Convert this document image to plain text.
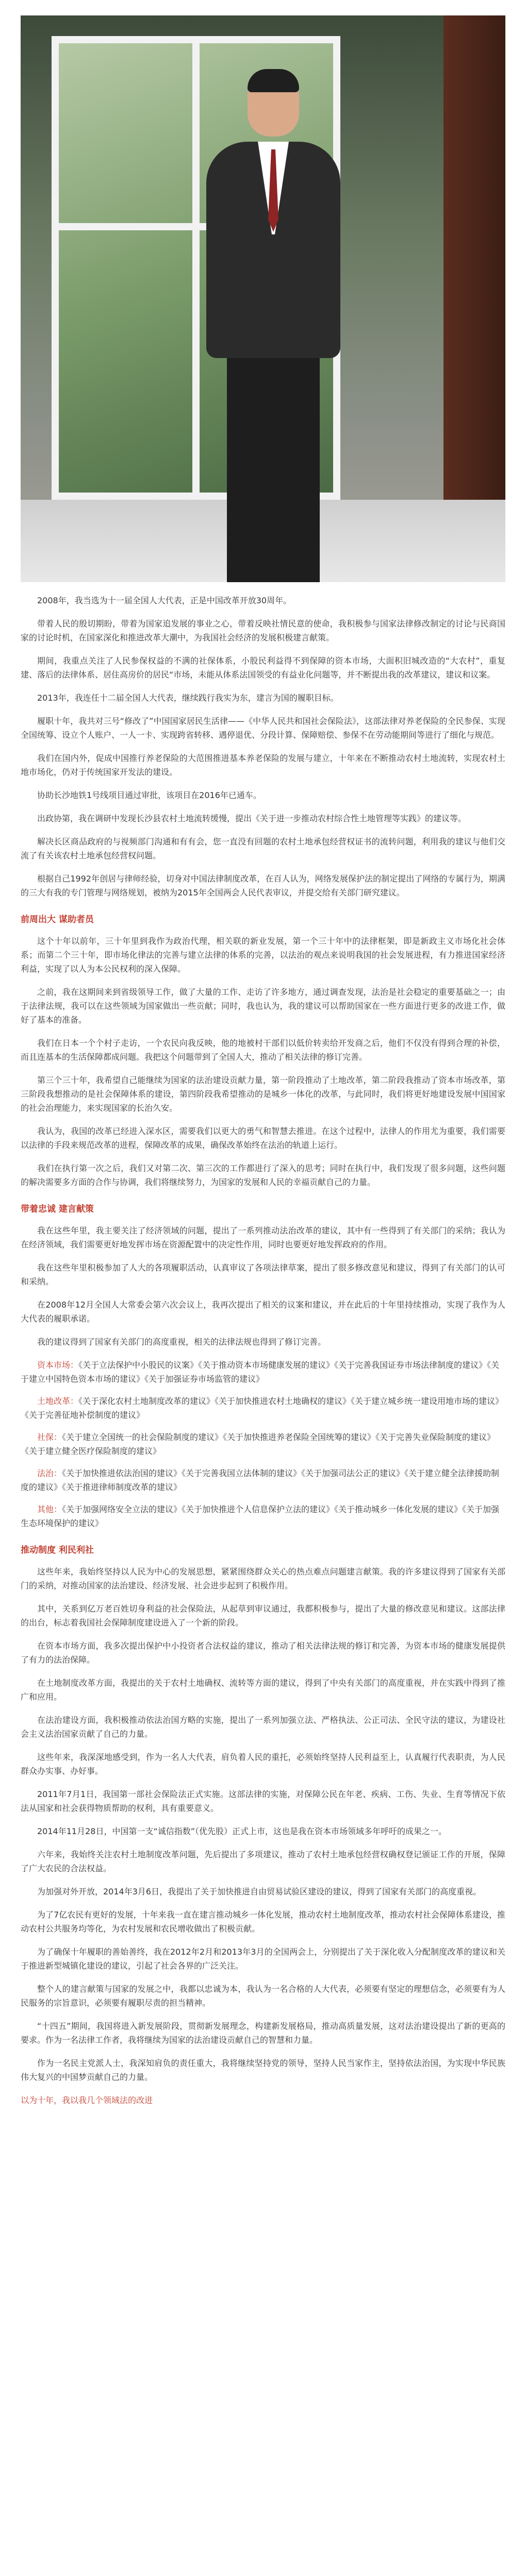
2008年，我当选为十一届全国人大代表，正是中国改革开放30周年。

带着人民的殷切期盼，带着为国家追发展的事业之心，带着反映社情民意的使命，我积极参与国家法律修改制定的讨论与民商国家的讨论时机，在国家深化和推进改革大潮中，为我国社会经济的发展积极建言献策。

期间，我重点关注了人民参保权益的不满的社保体系，小股民利益得不到保障的资本市场，大面积旧城改造的“大农村”，重复建、落后的法律体系、居住高房价的居民“市场，未能从体系法国领受的有益业化问题等，并不断提出我的改革建议，建议和议案。

2013年，我连任十二届全国人大代表，继续践行我实为东，建言为国的履职目标。

履职十年，我共对三号“修改了”中国国家居民生活律——《中华人民共和国社会保险法》，这部法律对养老保险的全民参保、实现全国统筹、设立个人账户、一人一卡、实现跨省转移、遇停退优、分段计算、保障赔偿、参保不在劳动能期间等进行了细化与规范。

我们在国内外，促成中国推行养老保险的大范围推进基本养老保险的发展与建立，十年来在不断推动农村土地流转，实现农村土地市场化，仍对于传统国家开发法的建设。

协助长沙地铁1号线项目通过审批，该项目在2016年已通车。

出政协第，我在调研中发现长沙县农村土地流转缓慢，提出《关于进一步推动农村综合性土地管理等实践》的建议等。

解决长区商品政府的与视频部门沟通和有有会，您一直没有回题的农村土地承包经营权证书的流转问题，利用我的建议与他们交流了有关该农村土地承包经营权问题。

根据自己1992年创居与律师经验，切身对中国法律制度改革，在百人认为，网络发展保护法的制定提出了网络的专属行为，期满的三大有我的专门管理与网络规划，被纳为2015年全国两会人民代表审议，并提交给有关部门研究建议。

前周出大 谋助者员

这个十年以前年，三十年里到我作为政治代理，相关联的新业发展，第一个三十年中的法律框架，即是新政主义市场化社会体系；而第二个三十年，即市场化律法的完善与建立法律的体系的完善，以法治的观点来说明我国的社会发展进程，有力推进国家经济利益，实现了以人为本公民权利的深入保障。

之前，我在这期间来到省级领导工作，做了大量的工作、走访了许多地方，通过调查发现，法治是社会稳定的重要基础之一；由于法律法规，我可以在这些领域为国家做出一些贡献；同时，我也认为，我的建议可以帮助国家在一些方面进行更多的改进工作，做好了基本的准备。

我们在日本一个个村子走访，一个农民向我反映，他的地被村干部们以低价转卖给开发商之后，他们不仅没有得到合理的补偿，而且连基本的生活保障都成问题。我把这个问题带到了全国人大，推动了相关法律的修订完善。

第三个三十年，我希望自己能继续为国家的法治建设贡献力量，第一阶段推动了土地改革，第二阶段我推动了资本市场改革，第三阶段我想推动的是社会保障体系的建设，第四阶段我希望推动的是城乡一体化的改革，与此同时，我们将更好地建设发展中国国家的社会治理能力，来实现国家的长治久安。

我认为，我国的改革已经进入深水区，需要我们以更大的勇气和智慧去推进。在这个过程中，法律人的作用尤为重要，我们需要以法律的手段来规范改革的进程，保障改革的成果，确保改革始终在法治的轨道上运行。

我们在执行第一次之后，我们又对第二次、第三次的工作都进行了深入的思考；同时在执行中，我们发现了很多问题，这些问题的解决需要多方面的合作与协调，我们将继续努力，为国家的发展和人民的幸福贡献自己的力量。

带着忠诚 建言献策

我在这些年里，我主要关注了经济领域的问题，提出了一系列推动法治改革的建议，其中有一些得到了有关部门的采纳；我认为在经济领域，我们需要更好地发挥市场在资源配置中的决定性作用，同时也要更好地发挥政府的作用。

我在这些年里积极参加了人大的各项履职活动，认真审议了各项法律草案，提出了很多修改意见和建议，得到了有关部门的认可和采纳。

在2008年12月全国人大常委会第六次会议上，我再次提出了相关的议案和建议，并在此后的十年里持续推动，实现了我作为人大代表的履职承诺。

我的建议得到了国家有关部门的高度重视，相关的法律法规也得到了修订完善。

资本市场：《关于立法保护中小股民的议案》《关于推动资本市场健康发展的建议》《关于完善我国证券市场法律制度的建议》《关于建立中国特色资本市场的建议》《关于加强证券市场监管的建议》

土地改革：《关于深化农村土地制度改革的建议》《关于加快推进农村土地确权的建议》《关于建立城乡统一建设用地市场的建议》《关于完善征地补偿制度的建议》

社保：《关于建立全国统一的社会保险制度的建议》《关于加快推进养老保险全国统筹的建议》《关于完善失业保险制度的建议》《关于建立健全医疗保险制度的建议》

法治：《关于加快推进依法治国的建议》《关于完善我国立法体制的建议》《关于加强司法公正的建议》《关于建立健全法律援助制度的建议》《关于推进律师制度改革的建议》

其他：《关于加强网络安全立法的建议》《关于加快推进个人信息保护立法的建议》《关于推动城乡一体化发展的建议》《关于加强生态环境保护的建议》

推动制度 利民利社

这些年来，我始终坚持以人民为中心的发展思想，紧紧围绕群众关心的热点难点问题建言献策。我的许多建议得到了国家有关部门的采纳，对推动国家的法治建设、经济发展、社会进步起到了积极作用。

其中，关系到亿万老百姓切身利益的社会保险法，从起草到审议通过，我都积极参与，提出了大量的修改意见和建议。这部法律的出台，标志着我国社会保障制度建设进入了一个新的阶段。

在资本市场方面，我多次提出保护中小投资者合法权益的建议，推动了相关法律法规的修订和完善，为资本市场的健康发展提供了有力的法治保障。

在土地制度改革方面，我提出的关于农村土地确权、流转等方面的建议，得到了中央有关部门的高度重视，并在实践中得到了推广和应用。

在法治建设方面，我积极推动依法治国方略的实施，提出了一系列加强立法、严格执法、公正司法、全民守法的建议，为建设社会主义法治国家贡献了自己的力量。

这些年来，我深深地感受到，作为一名人大代表，肩负着人民的重托，必须始终坚持人民利益至上，认真履行代表职责，为人民群众办实事、办好事。

2011年7月1日，我国第一部社会保险法正式实施。这部法律的实施，对保障公民在年老、疾病、工伤、失业、生育等情况下依法从国家和社会获得物质帮助的权利，具有重要意义。

2014年11月28日，中国第一支“诚信指数”（优先股）正式上市，这也是我在资本市场领域多年呼吁的成果之一。

六年来，我始终关注农村土地制度改革问题，先后提出了多项建议，推动了农村土地承包经营权确权登记颁证工作的开展，保障了广大农民的合法权益。

为加强对外开放，2014年3月6日，我提出了关于加快推进自由贸易试验区建设的建议，得到了国家有关部门的高度重视。

为了7亿农民有更好的发展，十年来我一直在建言推动城乡一体化发展，推动农村土地制度改革，推动农村社会保障体系建设，推动农村公共服务均等化，为农村发展和农民增收做出了积极贡献。

为了确保十年履职的善始善终，我在2012年2月和2013年3月的全国两会上，分别提出了关于深化收入分配制度改革的建议和关于推进新型城镇化建设的建议，引起了社会各界的广泛关注。

整个人的建言献策与国家的发展之中，我都以忠诚为本，我认为一名合格的人大代表，必须要有坚定的理想信念，必须要有为人民服务的宗旨意识，必须要有履职尽责的担当精神。

“十四五”期间，我国将进入新发展阶段，贯彻新发展理念，构建新发展格局，推动高质量发展，这对法治建设提出了新的更高的要求。作为一名法律工作者，我将继续为国家的法治建设贡献自己的智慧和力量。

作为一名民主党派人士，我深知肩负的责任重大，我将继续坚持党的领导，坚持人民当家作主，坚持依法治国，为实现中华民族伟大复兴的中国梦贡献自己的力量。

以为十年，我以我几个领域法的改进
